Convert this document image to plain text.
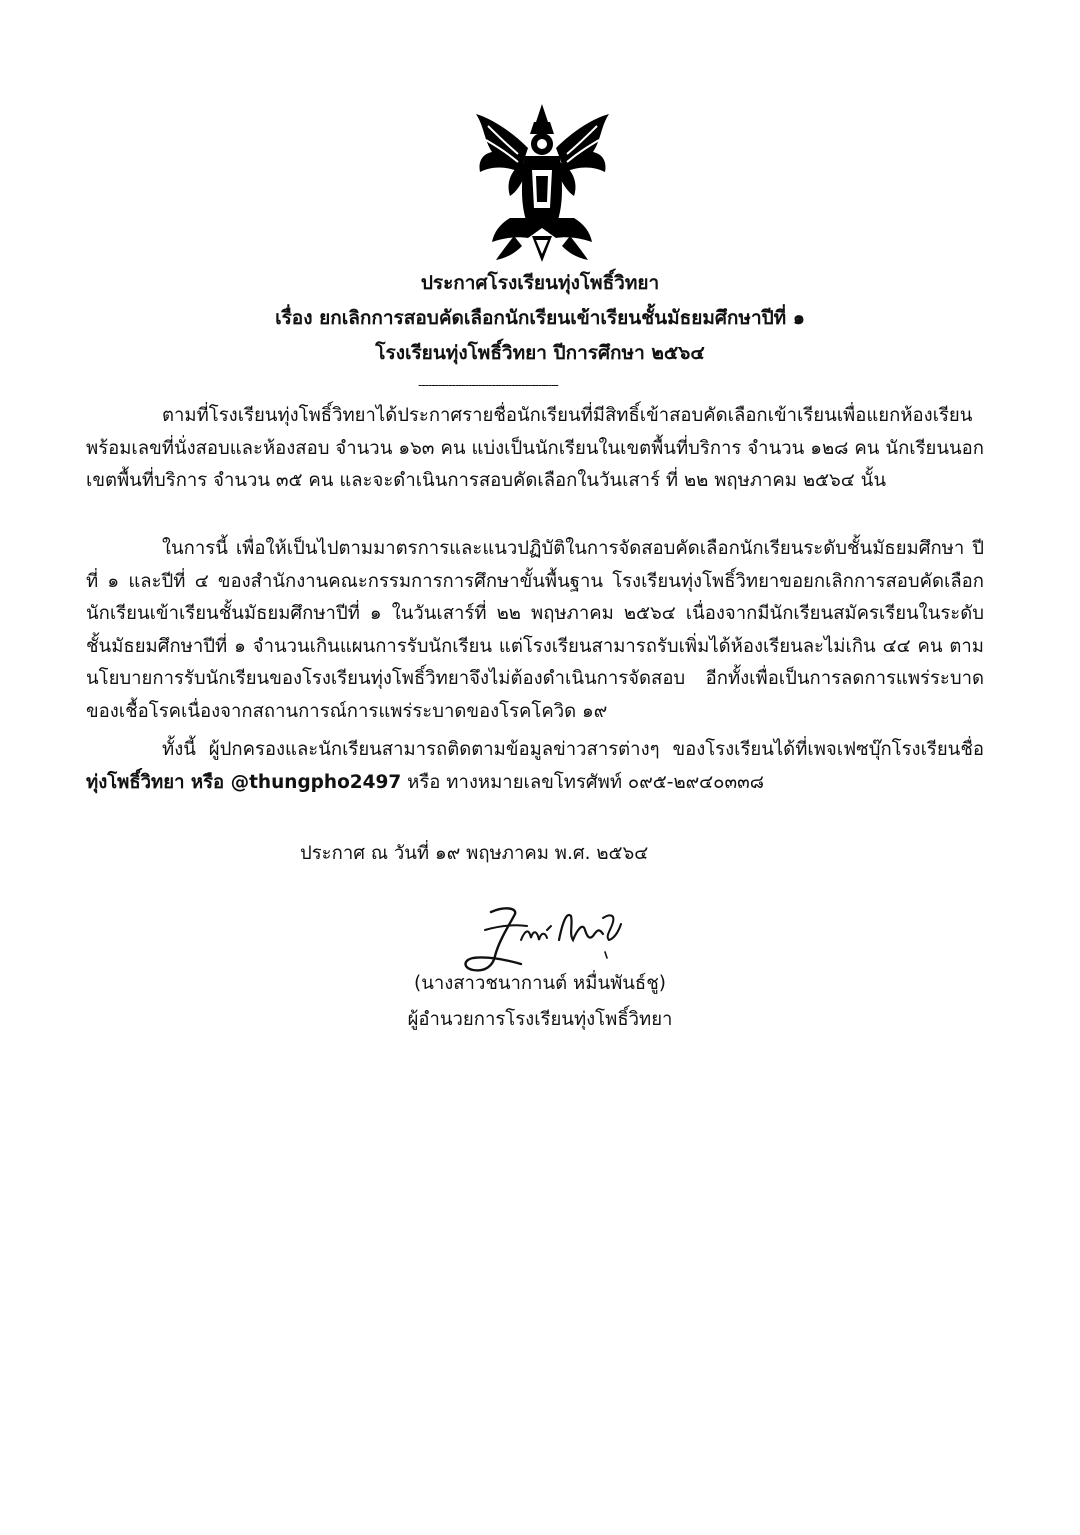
ประกาศโรงเรียนทุ่งโพธิ์วิทยา
เรื่อง ยกเลิกการสอบคัดเลือกนักเรียนเข้าเรียนชั้นมัธยมศึกษาปีที่ ๑
โรงเรียนทุ่งโพธิ์วิทยา ปีการศึกษา ๒๕๖๔
------------------------------------------

ตามที่โรงเรียนทุ่งโพธิ์วิทยาได้ประกาศรายชื่อนักเรียนที่มีสิทธิ์เข้าสอบคัดเลือกเข้าเรียนเพื่อแยกห้องเรียน พร้อมเลขที่นั่งสอบและห้องสอบ จำนวน ๑๖๓ คน แบ่งเป็นนักเรียนในเขตพื้นที่บริการ จำนวน ๑๒๘ คน นักเรียนนอกเขตพื้นที่บริการ จำนวน ๓๕ คน และจะดำเนินการสอบคัดเลือกในวันเสาร์ ที่ ๒๒ พฤษภาคม ๒๕๖๔ นั้น

ในการนี้ เพื่อให้เป็นไปตามมาตรการและแนวปฏิบัติในการจัดสอบคัดเลือกนักเรียนระดับชั้นมัธยมศึกษา ปีที่ ๑ และปีที่ ๔ ของสำนักงานคณะกรรมการการศึกษาขั้นพื้นฐาน โรงเรียนทุ่งโพธิ์วิทยาขอยกเลิกการสอบคัดเลือกนักเรียนเข้าเรียนชั้นมัธยมศึกษาปีที่ ๑ ในวันเสาร์ที่ ๒๒ พฤษภาคม ๒๕๖๔ เนื่องจากมีนักเรียนสมัครเรียนในระดับชั้นมัธยมศึกษาปีที่ ๑ จำนวนเกินแผนการรับนักเรียน แต่โรงเรียนสามารถรับเพิ่มได้ห้องเรียนละไม่เกิน ๔๔ คน ตามนโยบายการรับนักเรียนของโรงเรียนทุ่งโพธิ์วิทยาจึงไม่ต้องดำเนินการจัดสอบ อีกทั้งเพื่อเป็นการลดการแพร่ระบาดของเชื้อโรคเนื่องจากสถานการณ์การแพร่ระบาดของโรคโควิด ๑๙

ทั้งนี้ ผู้ปกครองและนักเรียนสามารถติดตามข้อมูลข่าวสารต่างๆ ของโรงเรียนได้ที่เพจเฟซบุ๊กโรงเรียนชื่อ ทุ่งโพธิ์วิทยา หรือ @thungpho2497 หรือ ทางหมายเลขโทรศัพท์ ๐๙๕-๒๙๔๐๓๓๘

ประกาศ ณ วันที่ ๑๙ พฤษภาคม พ.ศ. ๒๕๖๔
(นางสาวชนากานต์ หมื่นพันธ์ชู)
ผู้อำนวยการโรงเรียนทุ่งโพธิ์วิทยา
